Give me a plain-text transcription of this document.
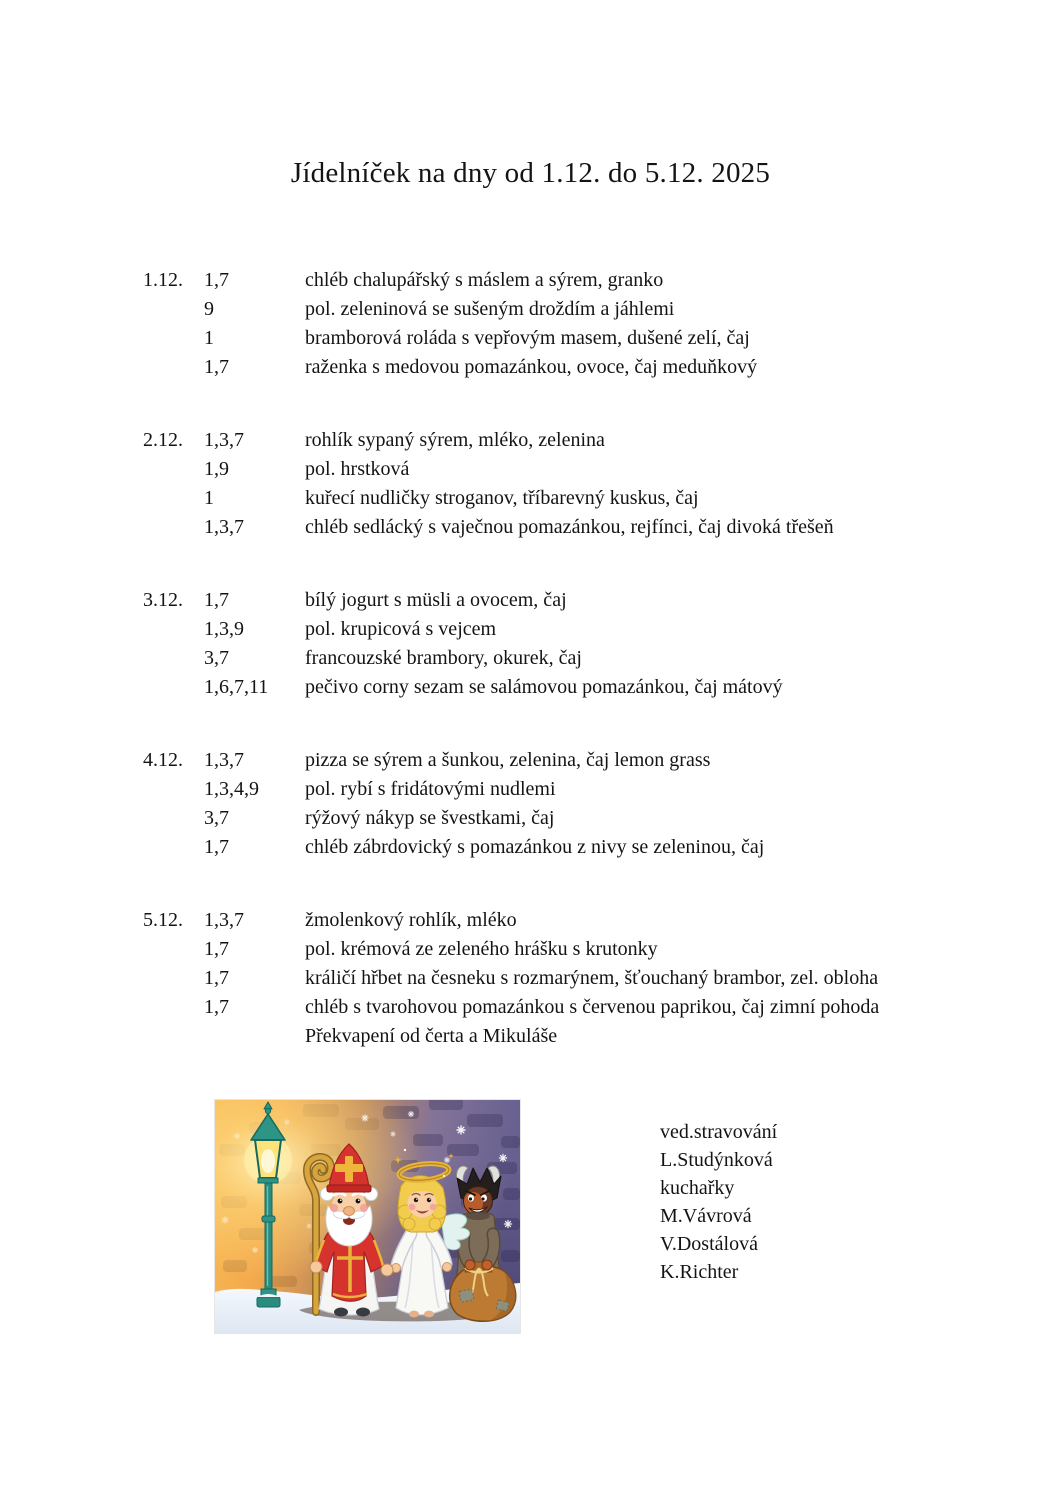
Jídelníček na dny od 1.12. do 5.12. 2025
1.12.	1,7	chléb chalupářský s máslem a sýrem, granko
9	pol. zeleninová se sušeným droždím a jáhlemi
1	bramborová roláda s vepřovým masem, dušené zelí, čaj
1,7	raženka s medovou pomazánkou, ovoce, čaj meduňkový
2.12.	1,3,7	rohlík sypaný sýrem, mléko, zelenina
1,9	pol. hrstková
1	kuřecí nudličky stroganov, tříbarevný kuskus, čaj
1,3,7	chléb sedlácký s vaječnou pomazánkou, rejfínci, čaj divoká třešeň
3.12.	1,7	bílý jogurt s müsli a ovocem, čaj
1,3,9	pol. krupicová s vejcem
3,7	francouzské brambory, okurek, čaj
1,6,7,11	pečivo corny sezam se salámovou pomazánkou, čaj mátový
4.12.	1,3,7	pizza se sýrem a šunkou, zelenina, čaj lemon grass
1,3,4,9	pol. rybí s fridátovými nudlemi
3,7	rýžový nákyp se švestkami, čaj
1,7	chléb zábrdovický s pomazánkou z nivy se zeleninou, čaj
5.12.	1,3,7	žmolenkový rohlík, mléko
1,7	pol. krémová ze zeleného hrášku s krutonky
1,7	králičí hřbet na česneku s rozmarýnem, šťouchaný brambor, zel. obloha
1,7	chléb s tvarohovou pomazánkou s červenou paprikou, čaj zimní pohoda
Překvapení od čerta a Mikuláše
ved.stravování
L.Studýnková
kuchařky
M.Vávrová
V.Dostálová
K.Richter
